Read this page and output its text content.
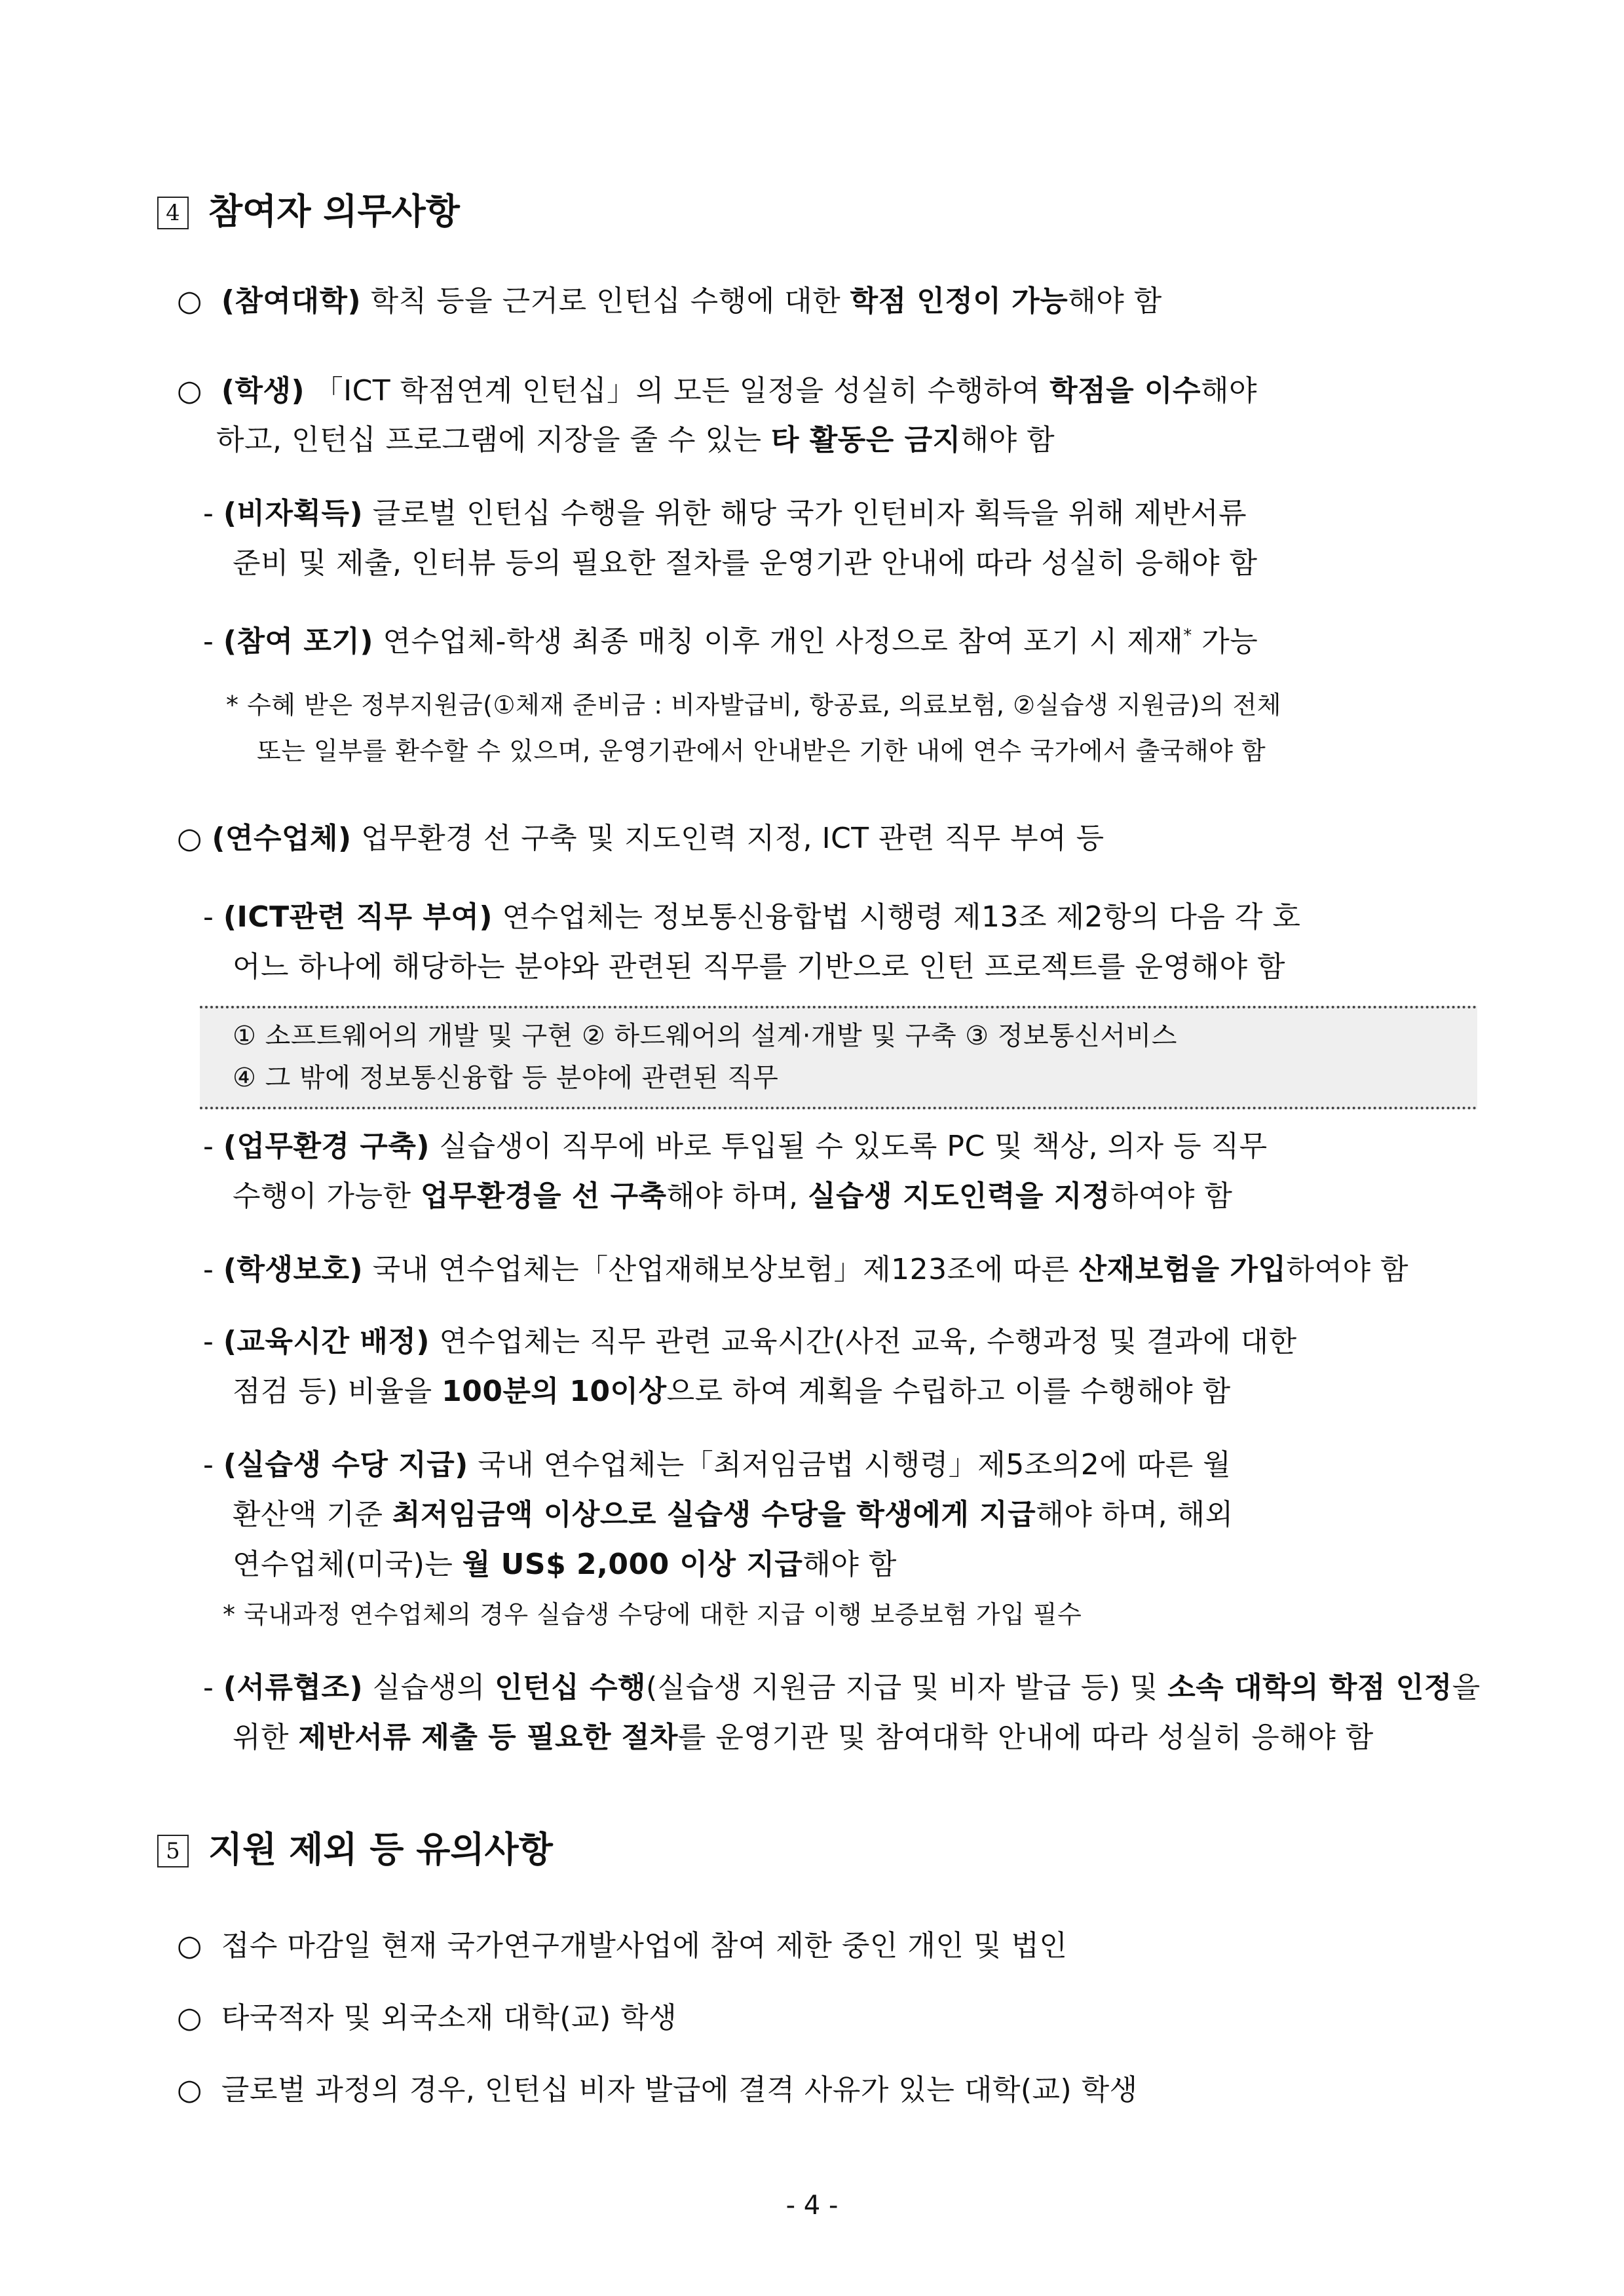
4 참여자 의무사항
○ (참여대학) 학칙 등을 근거로 인턴십 수행에 대한 학점 인정이 가능해야 함
○ (학생) 「ICT 학점연계 인턴십」의 모든 일정을 성실히 수행하여 학점을 이수해야
하고, 인턴십 프로그램에 지장을 줄 수 있는 타 활동은 금지해야 함
- (비자획득) 글로벌 인턴십 수행을 위한 해당 국가 인턴비자 획득을 위해 제반서류
준비 및 제출, 인터뷰 등의 필요한 절차를 운영기관 안내에 따라 성실히 응해야 함
- (참여 포기) 연수업체-학생 최종 매칭 이후 개인 사정으로 참여 포기 시 제재* 가능
* 수혜 받은 정부지원금(①체재 준비금 : 비자발급비, 항공료, 의료보험, ②실습생 지원금)의 전체
또는 일부를 환수할 수 있으며, 운영기관에서 안내받은 기한 내에 연수 국가에서 출국해야 함
○ (연수업체) 업무환경 선 구축 및 지도인력 지정, ICT 관련 직무 부여 등
- (ICT관련 직무 부여) 연수업체는 정보통신융합법 시행령 제13조 제2항의 다음 각 호
어느 하나에 해당하는 분야와 관련된 직무를 기반으로 인턴 프로젝트를 운영해야 함
① 소프트웨어의 개발 및 구현 ② 하드웨어의 설계·개발 및 구축 ③ 정보통신서비스
④ 그 밖에 정보통신융합 등 분야에 관련된 직무
- (업무환경 구축) 실습생이 직무에 바로 투입될 수 있도록 PC 및 책상, 의자 등 직무
수행이 가능한 업무환경을 선 구축해야 하며, 실습생 지도인력을 지정하여야 함
- (학생보호) 국내 연수업체는「산업재해보상보험」제123조에 따른 산재보험을 가입하여야 함
- (교육시간 배정) 연수업체는 직무 관련 교육시간(사전 교육, 수행과정 및 결과에 대한
점검 등) 비율을 100분의 10이상으로 하여 계획을 수립하고 이를 수행해야 함
- (실습생 수당 지급) 국내 연수업체는「최저임금법 시행령」제5조의2에 따른 월
환산액 기준 최저임금액 이상으로 실습생 수당을 학생에게 지급해야 하며, 해외
연수업체(미국)는 월 US$ 2,000 이상 지급해야 함
* 국내과정 연수업체의 경우 실습생 수당에 대한 지급 이행 보증보험 가입 필수
- (서류협조) 실습생의 인턴십 수행(실습생 지원금 지급 및 비자 발급 등) 및 소속 대학의 학점 인정을
위한 제반서류 제출 등 필요한 절차를 운영기관 및 참여대학 안내에 따라 성실히 응해야 함
5 지원 제외 등 유의사항
○ 접수 마감일 현재 국가연구개발사업에 참여 제한 중인 개인 및 법인
○ 타국적자 및 외국소재 대학(교) 학생
○ 글로벌 과정의 경우, 인턴십 비자 발급에 결격 사유가 있는 대학(교) 학생
- 4 -
